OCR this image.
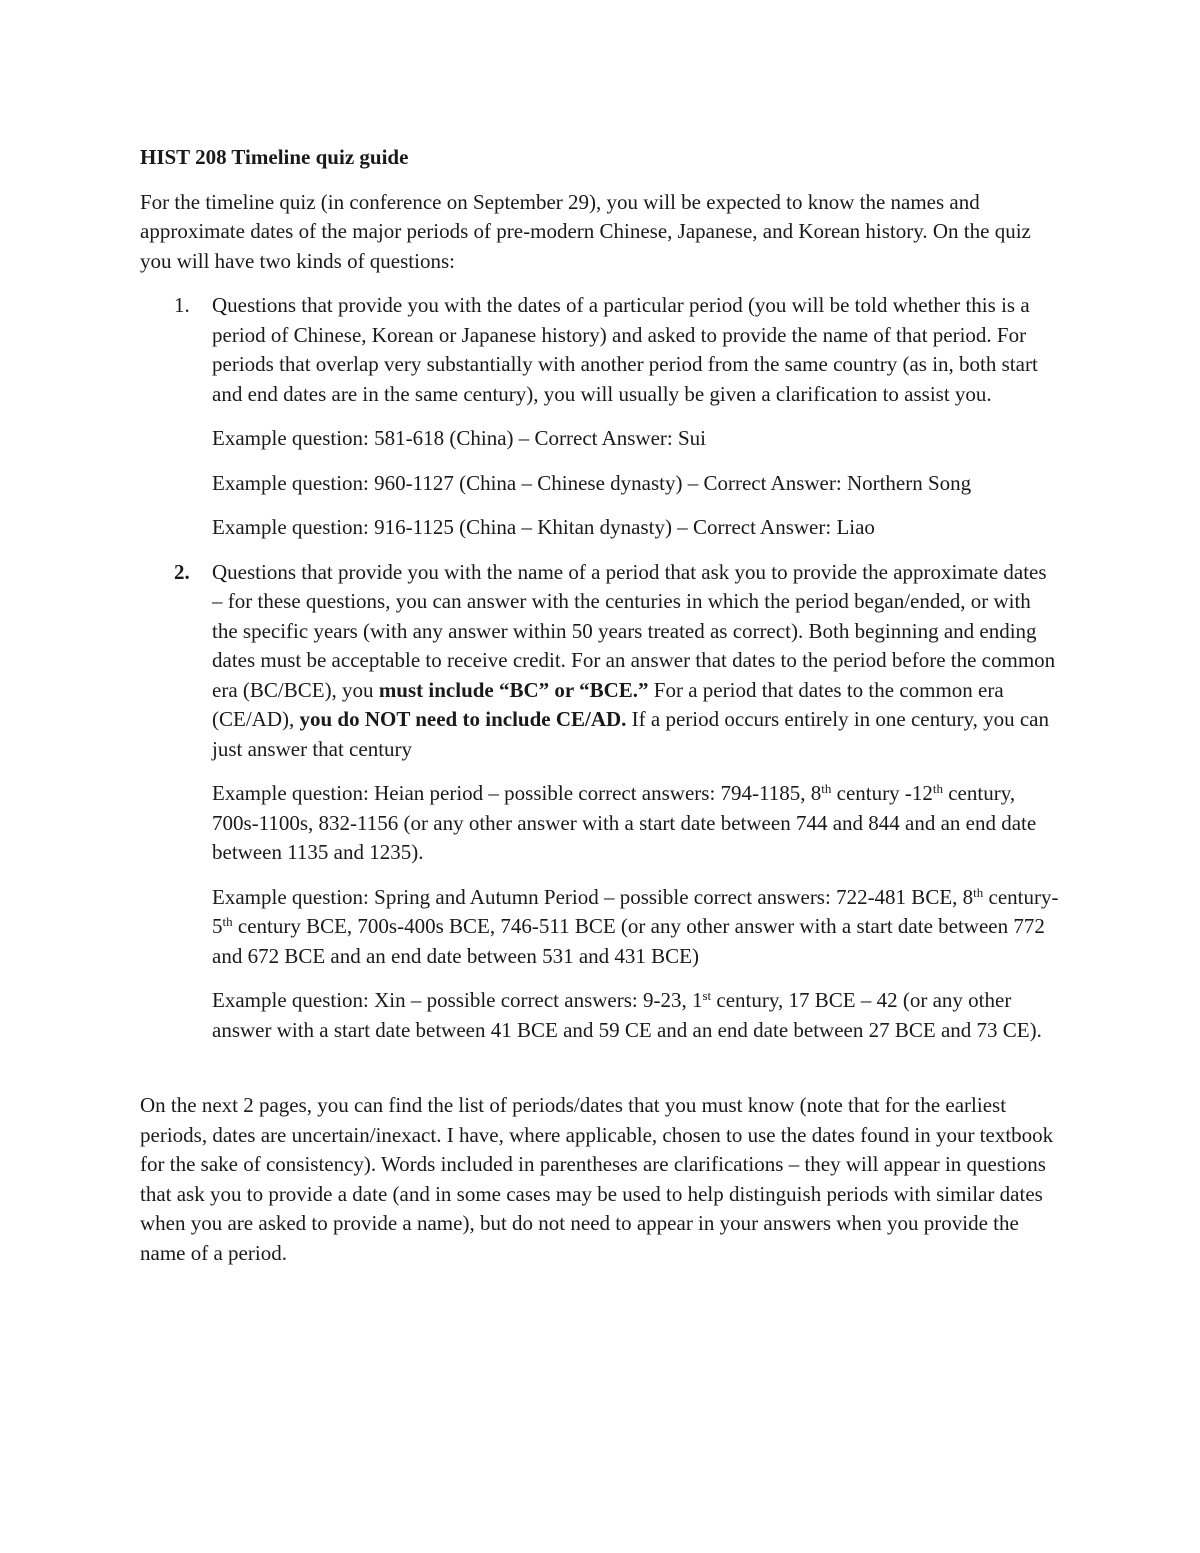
HIST 208 Timeline quiz guide

For the timeline quiz (in conference on September 29), you will be expected to know the names and approximate dates of the major periods of pre-modern Chinese, Japanese, and Korean history. On the quiz you will have two kinds of questions:

1. Questions that provide you with the dates of a particular period (you will be told whether this is a period of Chinese, Korean or Japanese history) and asked to provide the name of that period. For periods that overlap very substantially with another period from the same country (as in, both start and end dates are in the same century), you will usually be given a clarification to assist you.

Example question: 581-618 (China) – Correct Answer: Sui

Example question: 960-1127 (China – Chinese dynasty) – Correct Answer: Northern Song

Example question: 916-1125 (China – Khitan dynasty) – Correct Answer: Liao

2. Questions that provide you with the name of a period that ask you to provide the approximate dates – for these questions, you can answer with the centuries in which the period began/ended, or with the specific years (with any answer within 50 years treated as correct). Both beginning and ending dates must be acceptable to receive credit. For an answer that dates to the period before the common era (BC/BCE), you must include “BC” or “BCE.” For a period that dates to the common era (CE/AD), you do NOT need to include CE/AD. If a period occurs entirely in one century, you can just answer that century

Example question: Heian period – possible correct answers: 794-1185, 8th century -12th century, 700s-1100s, 832-1156 (or any other answer with a start date between 744 and 844 and an end date between 1135 and 1235).

Example question: Spring and Autumn Period – possible correct answers: 722-481 BCE, 8th century-5th century BCE, 700s-400s BCE, 746-511 BCE (or any other answer with a start date between 772 and 672 BCE and an end date between 531 and 431 BCE)

Example question: Xin – possible correct answers: 9-23, 1st century, 17 BCE – 42 (or any other answer with a start date between 41 BCE and 59 CE and an end date between 27 BCE and 73 CE).

On the next 2 pages, you can find the list of periods/dates that you must know (note that for the earliest periods, dates are uncertain/inexact. I have, where applicable, chosen to use the dates found in your textbook for the sake of consistency). Words included in parentheses are clarifications – they will appear in questions that ask you to provide a date (and in some cases may be used to help distinguish periods with similar dates when you are asked to provide a name), but do not need to appear in your answers when you provide the name of a period.
